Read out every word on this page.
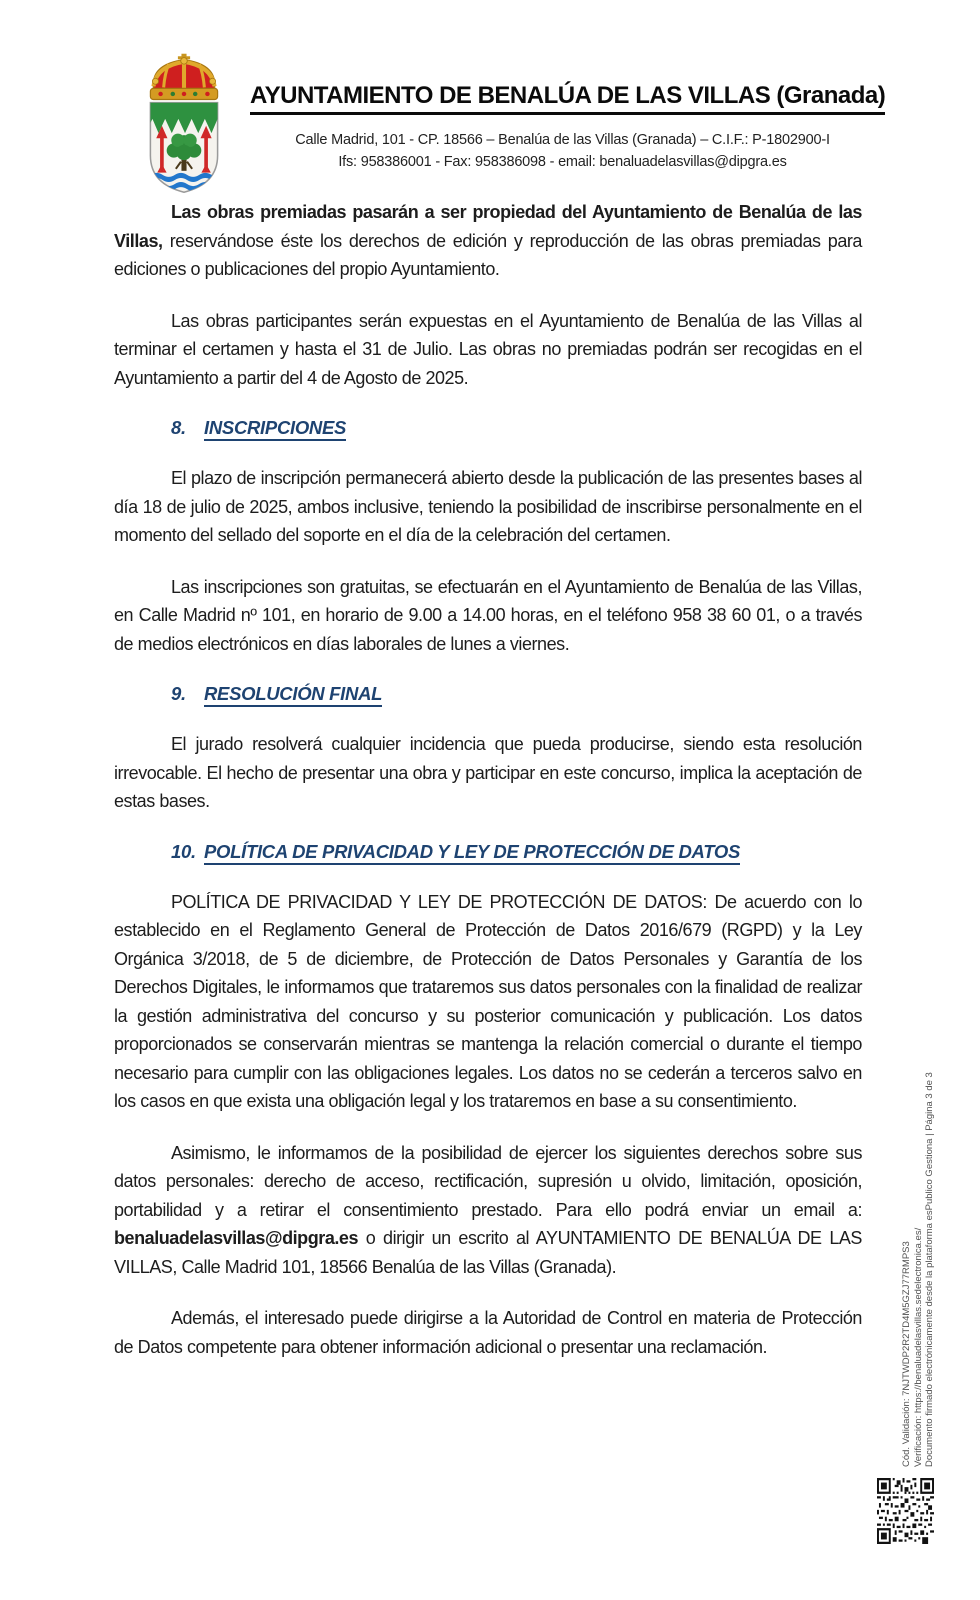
AYUNTAMIENTO DE BENALÚA DE LAS VILLAS (Granada)
Calle Madrid, 101 - CP. 18566 – Benalúa de las Villas (Granada) – C.I.F.: P-1802900-I
Ifs: 958386001 - Fax: 958386098 - email: benaluadelasvillas@dipgra.es

Las obras premiadas pasarán a ser propiedad del Ayuntamiento de Benalúa de las Villas, reservándose éste los derechos de edición y reproducción de las obras premiadas para ediciones o publicaciones del propio Ayuntamiento.

Las obras participantes serán expuestas en el Ayuntamiento de Benalúa de las Villas al terminar el certamen y hasta el 31 de Julio. Las obras no premiadas podrán ser recogidas en el Ayuntamiento a partir del 4 de Agosto de 2025.

8. INSCRIPCIONES

El plazo de inscripción permanecerá abierto desde la publicación de las presentes bases al día 18 de julio de 2025, ambos inclusive, teniendo la posibilidad de inscribirse personalmente en el momento del sellado del soporte en el día de la celebración del certamen.

Las inscripciones son gratuitas, se efectuarán en el Ayuntamiento de Benalúa de las Villas, en Calle Madrid nº 101, en horario de 9.00 a 14.00 horas, en el teléfono 958 38 60 01, o a través de medios electrónicos en días laborales de lunes a viernes.

9. RESOLUCIÓN FINAL

El jurado resolverá cualquier incidencia que pueda producirse, siendo esta resolución irrevocable. El hecho de presentar una obra y participar en este concurso, implica la aceptación de estas bases.

10. POLÍTICA DE PRIVACIDAD Y LEY DE PROTECCIÓN DE DATOS

POLÍTICA DE PRIVACIDAD Y LEY DE PROTECCIÓN DE DATOS: De acuerdo con lo establecido en el Reglamento General de Protección de Datos 2016/679 (RGPD) y la Ley Orgánica 3/2018, de 5 de diciembre, de Protección de Datos Personales y Garantía de los Derechos Digitales, le informamos que trataremos sus datos personales con la finalidad de realizar la gestión administrativa del concurso y su posterior comunicación y publicación. Los datos proporcionados se conservarán mientras se mantenga la relación comercial o durante el tiempo necesario para cumplir con las obligaciones legales. Los datos no se cederán a terceros salvo en los casos en que exista una obligación legal y los trataremos en base a su consentimiento.

Asimismo, le informamos de la posibilidad de ejercer los siguientes derechos sobre sus datos personales: derecho de acceso, rectificación, supresión u olvido, limitación, oposición, portabilidad y a retirar el consentimiento prestado. Para ello podrá enviar un email a: benaluadelasvillas@dipgra.es o dirigir un escrito al AYUNTAMIENTO DE BENALÚA DE LAS VILLAS, Calle Madrid 101, 18566 Benalúa de las Villas (Granada).

Además, el interesado puede dirigirse a la Autoridad de Control en materia de Protección de Datos competente para obtener información adicional o presentar una reclamación.	Cód. Validación: 7NJTWDP2R2TD4M5GZJ77RMPS3 Verificación: https://benaluadelasvillas.sedelectronica.es/ Documento firmado electrónicamente desde la plataforma esPublico Gestiona | Página 3 de 3
